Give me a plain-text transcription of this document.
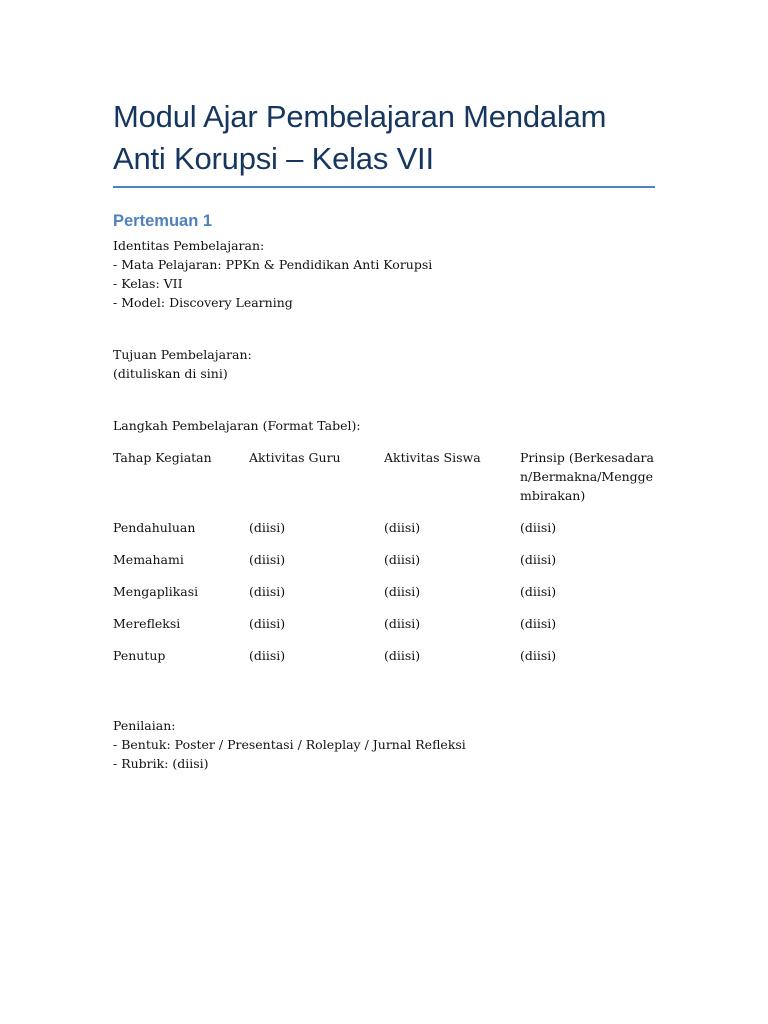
Modul Ajar Pembelajaran Mendalam
Anti Korupsi – Kelas VII
Pertemuan 1
Identitas Pembelajaran:
- Mata Pelajaran: PPKn & Pendidikan Anti Korupsi
- Kelas: VII
- Model: Discovery Learning
Tujuan Pembelajaran:
(dituliskan di sini)
Langkah Pembelajaran (Format Tabel):
Tahap Kegiatan	Aktivitas Guru	Aktivitas Siswa	Prinsip (Berkesadaran/Bermakna/Menggembirakan)
Pendahuluan	(diisi)	(diisi)	(diisi)
Memahami	(diisi)	(diisi)	(diisi)
Mengaplikasi	(diisi)	(diisi)	(diisi)
Merefleksi	(diisi)	(diisi)	(diisi)
Penutup	(diisi)	(diisi)	(diisi)
Penilaian:
- Bentuk: Poster / Presentasi / Roleplay / Jurnal Refleksi
- Rubrik: (diisi)
